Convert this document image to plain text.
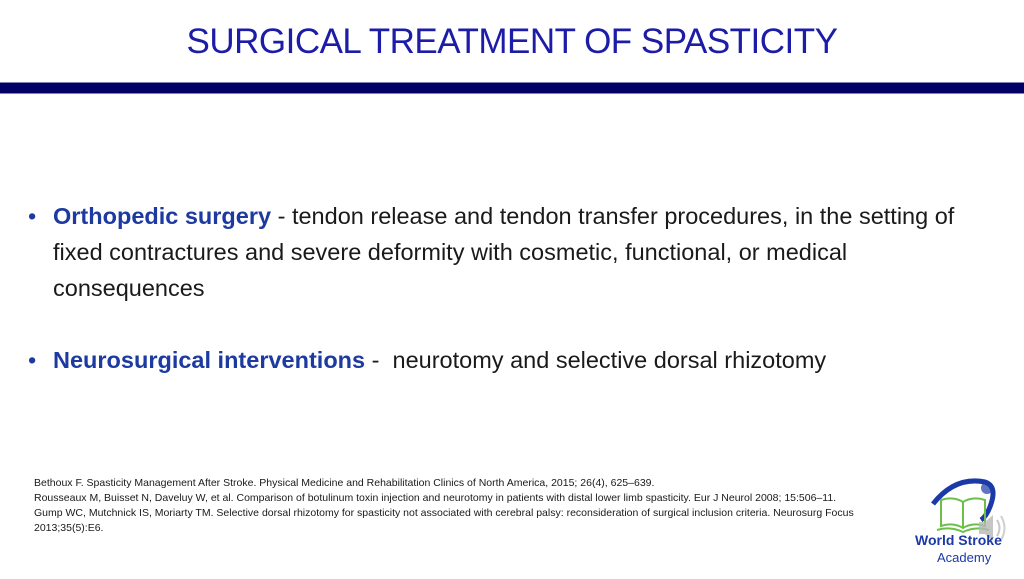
SURGICAL TREATMENT OF SPASTICITY
• Orthopedic surgery - tendon release and tendon transfer procedures, in the setting of fixed contractures and severe deformity with cosmetic, functional, or medical consequences
• Neurosurgical interventions -  neurotomy and selective dorsal rhizotomy
Bethoux F. Spasticity Management After Stroke. Physical Medicine and Rehabilitation Clinics of North America, 2015; 26(4), 625–639.
Rousseaux M, Buisset N, Daveluy W, et al. Comparison of botulinum toxin injection and neurotomy in patients with distal lower limb spasticity. Eur J Neurol 2008; 15:506–11.
Gump WC, Mutchnick IS, Moriarty TM. Selective dorsal rhizotomy for spasticity not associated with cerebral palsy: reconsideration of surgical inclusion criteria. Neurosurg Focus 2013;35(5):E6.
World Stroke
Academy
